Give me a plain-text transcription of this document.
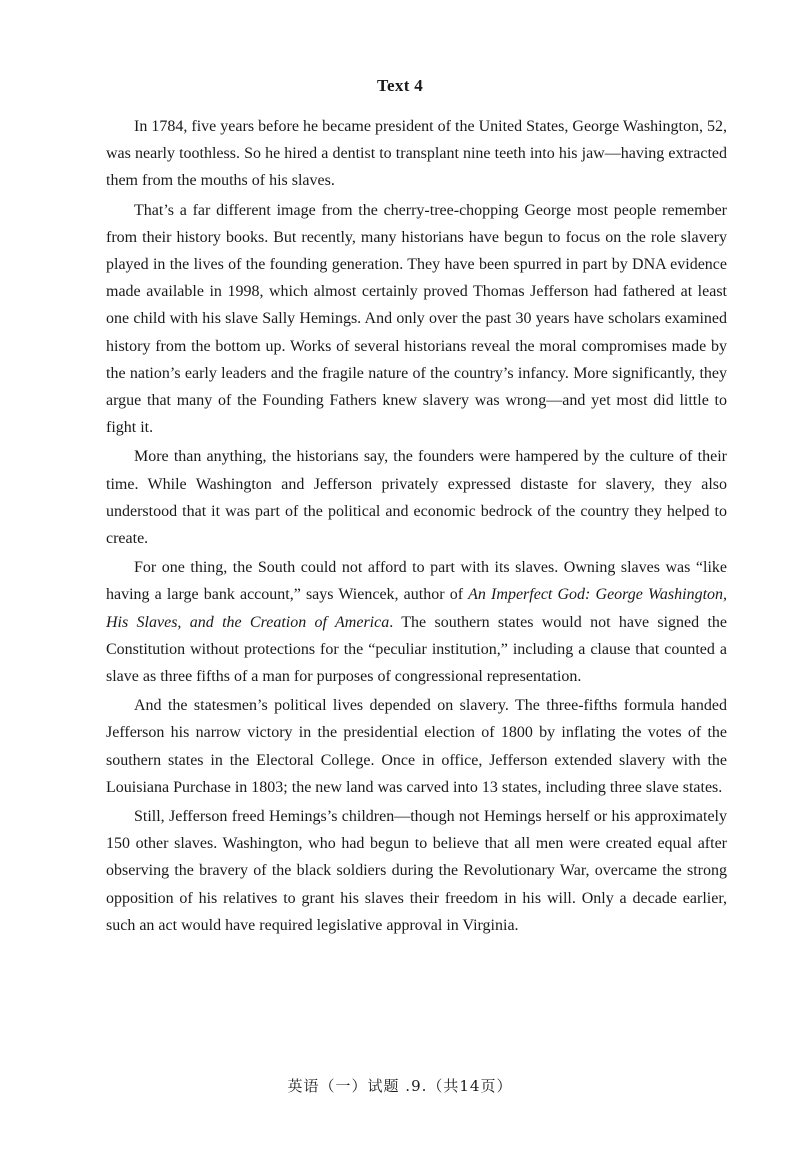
Text 4

In 1784, five years before he became president of the United States, George Washington, 52, was nearly toothless. So he hired a dentist to transplant nine teeth into his jaw—having extracted them from the mouths of his slaves.

That’s a far different image from the cherry-tree-chopping George most people remember from their history books. But recently, many historians have begun to focus on the role slavery played in the lives of the founding generation. They have been spurred in part by DNA evidence made available in 1998, which almost certainly proved Thomas Jefferson had fathered at least one child with his slave Sally Hemings. And only over the past 30 years have scholars examined history from the bottom up. Works of several historians reveal the moral compromises made by the nation’s early leaders and the fragile nature of the country’s infancy. More significantly, they argue that many of the Founding Fathers knew slavery was wrong—and yet most did little to fight it.

More than anything, the historians say, the founders were hampered by the culture of their time. While Washington and Jefferson privately expressed distaste for slavery, they also understood that it was part of the political and economic bedrock of the country they helped to create.

For one thing, the South could not afford to part with its slaves. Owning slaves was “like having a large bank account,” says Wiencek, author of An Imperfect God: George Washington, His Slaves, and the Creation of America. The southern states would not have signed the Constitution without protections for the “peculiar institution,” including a clause that counted a slave as three fifths of a man for purposes of congressional representation.

And the statesmen’s political lives depended on slavery. The three-fifths formula handed Jefferson his narrow victory in the presidential election of 1800 by inflating the votes of the southern states in the Electoral College. Once in office, Jefferson extended slavery with the Louisiana Purchase in 1803; the new land was carved into 13 states, including three slave states.

Still, Jefferson freed Hemings’s children—though not Hemings herself or his approximately 150 other slaves. Washington, who had begun to believe that all men were created equal after observing the bravery of the black soldiers during the Revolutionary War, overcame the strong opposition of his relatives to grant his slaves their freedom in his will. Only a decade earlier, such an act would have required legislative approval in Virginia.

英语（一）试题 .9.（共14页）
